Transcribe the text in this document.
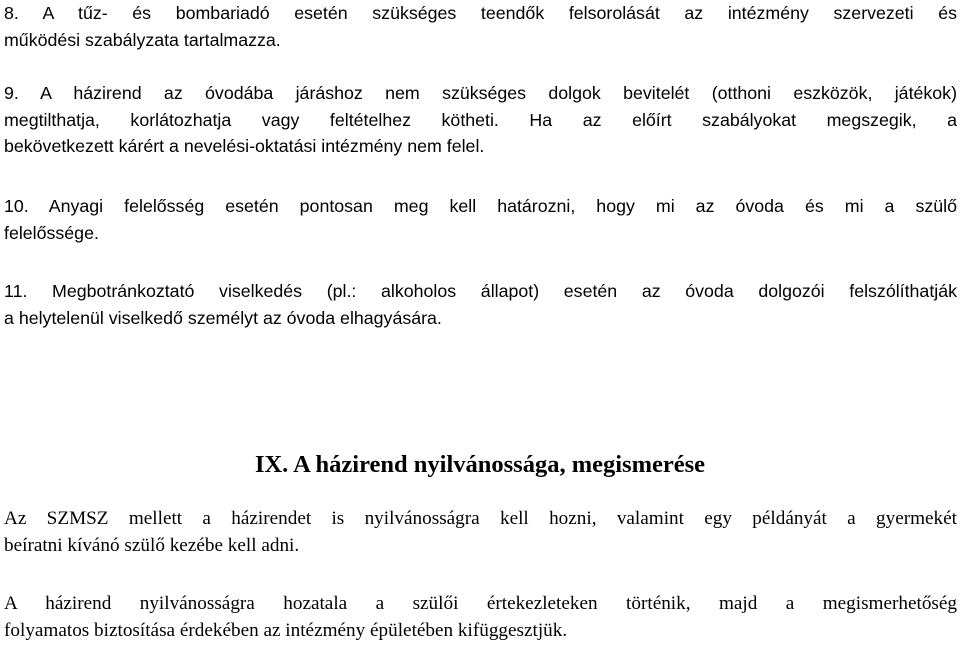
8. A tűz- és bombariadó esetén szükséges teendők felsorolását az intézmény szervezeti és
működési szabályzata tartalmazza.
9. A házirend az óvodába járáshoz nem szükséges dolgok bevitelét (otthoni eszközök, játékok)
megtilthatja, korlátozhatja vagy feltételhez kötheti. Ha az előírt szabályokat megszegik, a
bekövetkezett kárért a nevelési-oktatási intézmény nem felel.
10. Anyagi felelősség esetén pontosan meg kell határozni, hogy mi az óvoda és mi a szülő
felelőssége.
11. Megbotránkoztató viselkedés (pl.: alkoholos állapot) esetén az óvoda dolgozói felszólíthatják
a helytelenül viselkedő személyt az óvoda elhagyására.
IX. A házirend nyilvánossága, megismerése
Az SZMSZ mellett a házirendet is nyilvánosságra kell hozni, valamint egy példányát a gyermekét
beíratni kívánó szülő kezébe kell adni.
A házirend nyilvánosságra hozatala a szülői értekezleteken történik, majd a megismerhetőség
folyamatos biztosítása érdekében az intézmény épületében kifüggesztjük.
